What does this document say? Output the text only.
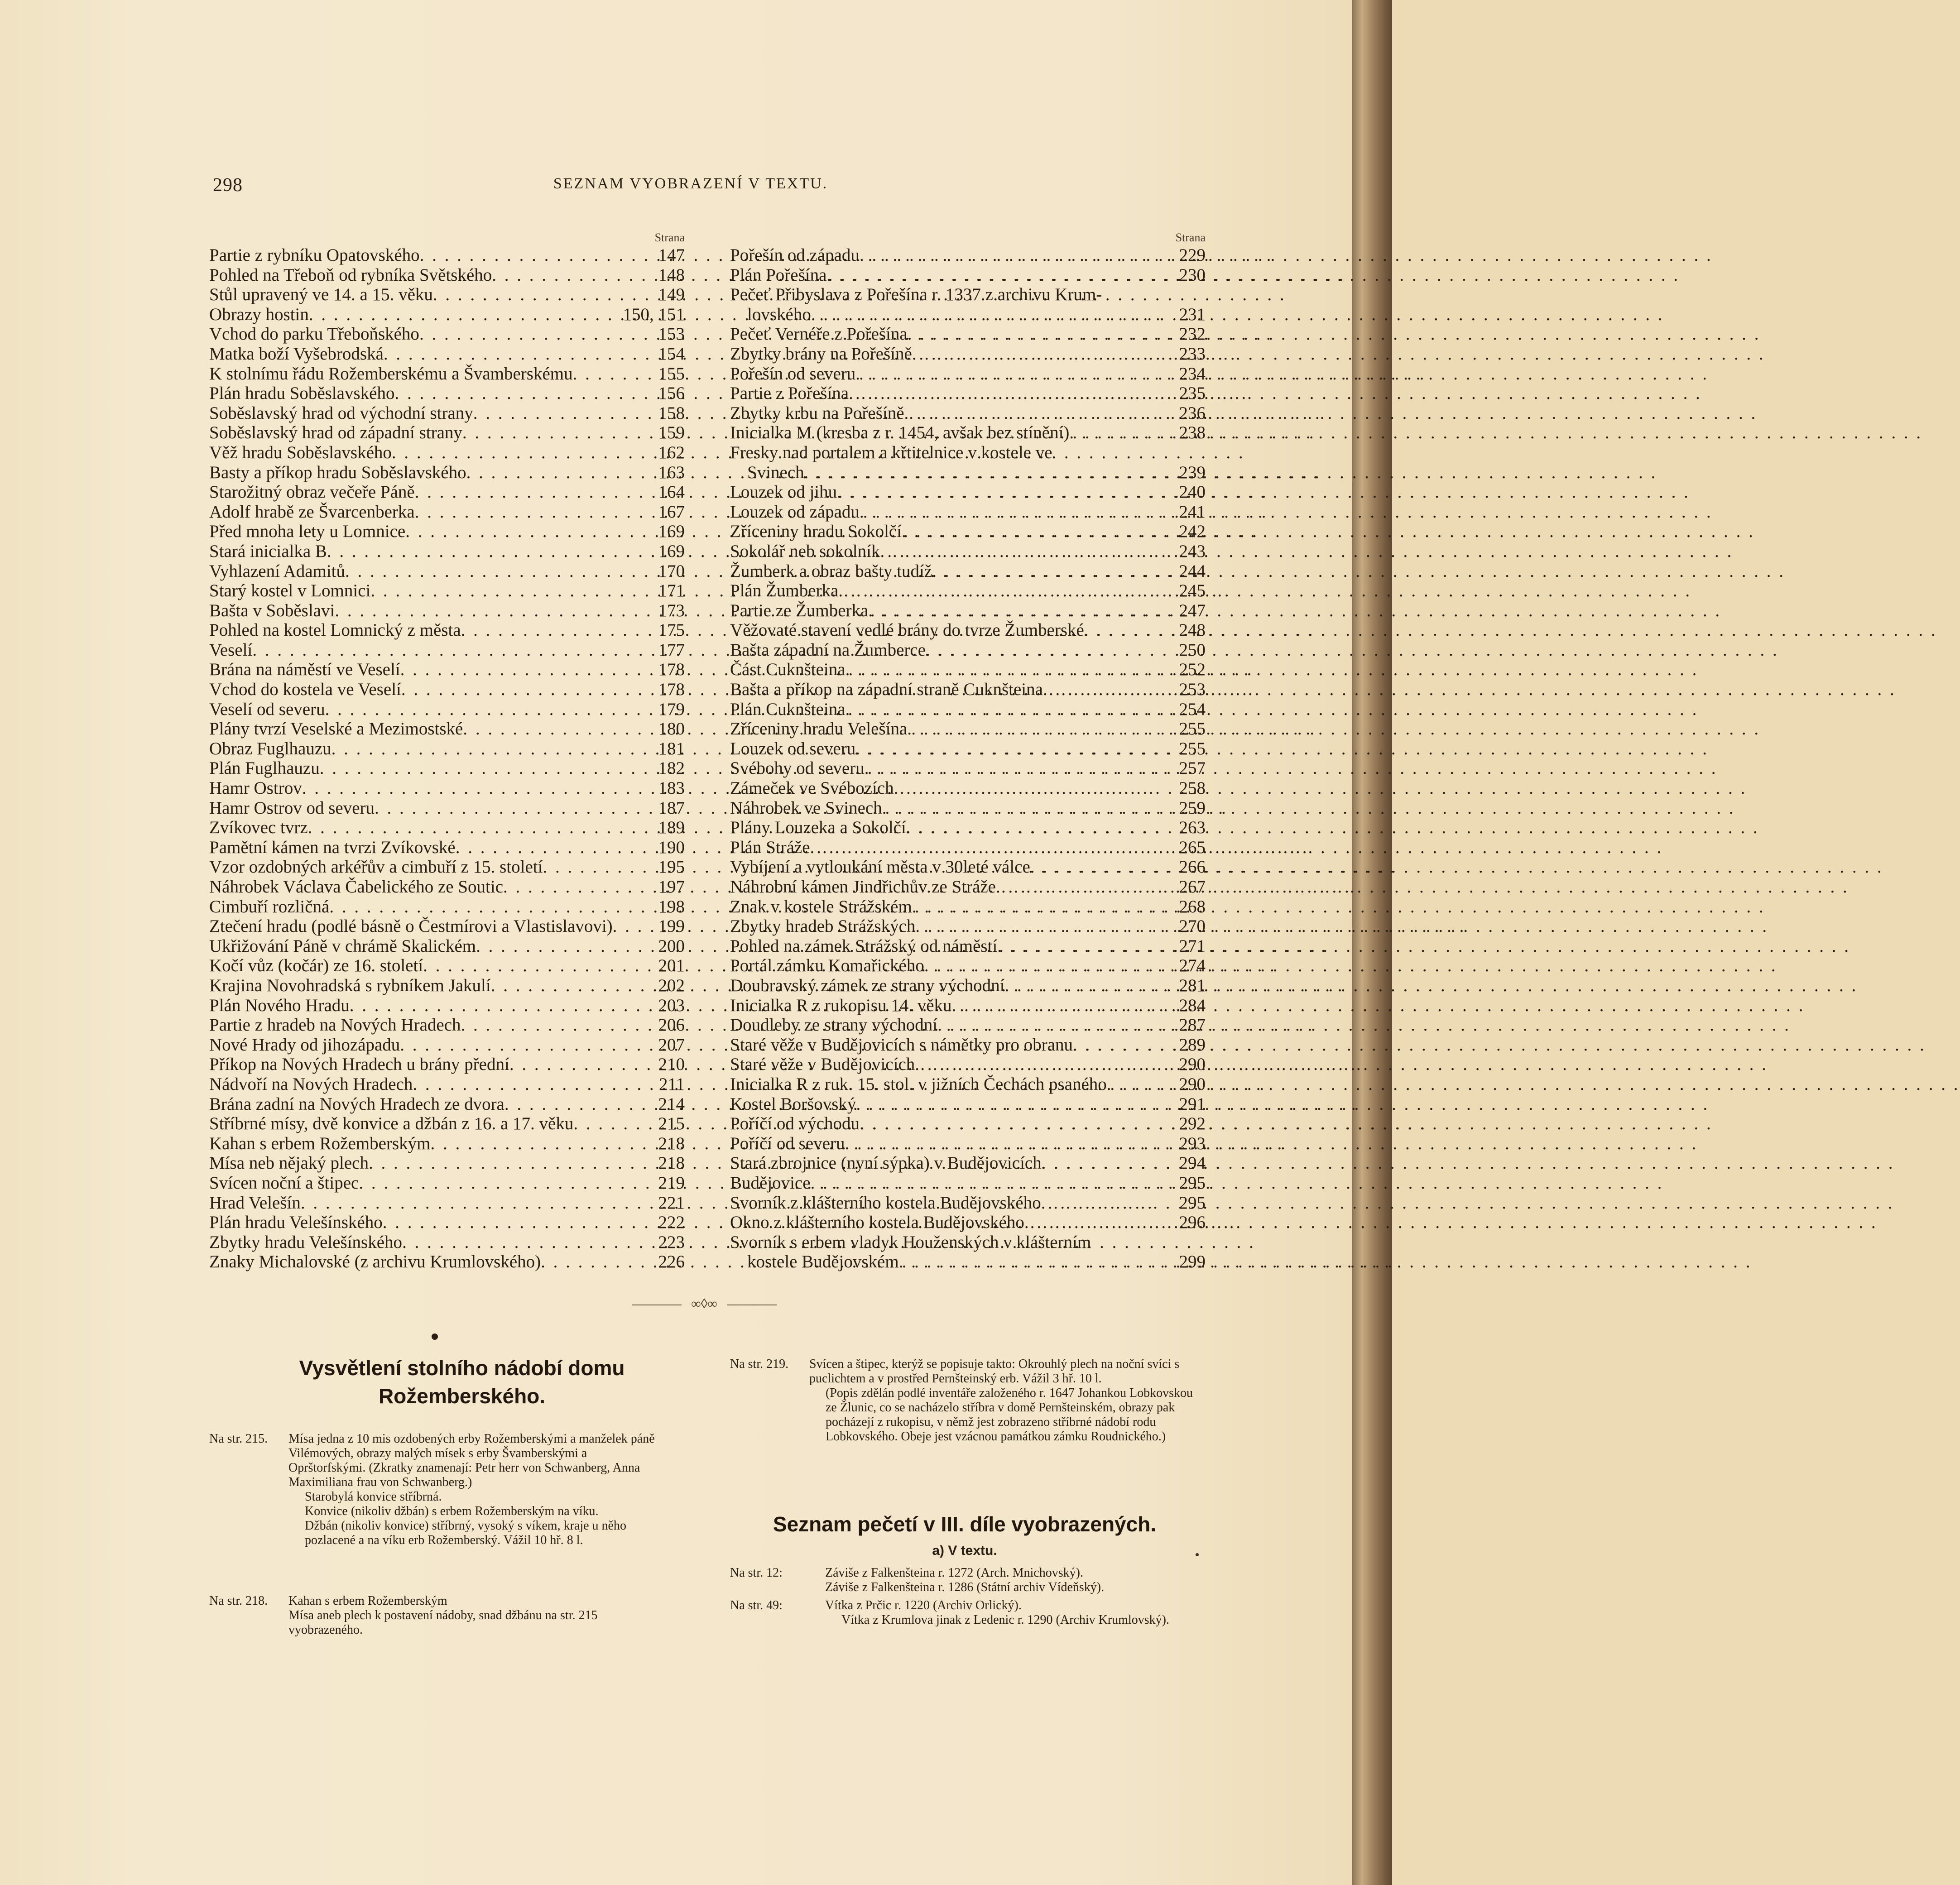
298	SEZNAM VYOBRAZENÍ V TEXTU.
Strana
Partie z rybníku Opatovského . . .	147
Pohled na Třeboň od rybníka Světského . . .	148
Stůl upravený ve 14. a 15. věku . . .	149
Obrazy hostin . . .	150, 151
Vchod do parku Třeboňského . . .	153
Matka boží Vyšebrodská . . .	154
K stolnímu řádu Rožemberskému a Švamberskému . . .	155
Plán hradu Soběslavského . . .	156
Soběslavský hrad od východní strany . . .	158
Soběslavský hrad od západní strany . . .	159
Věž hradu Soběslavského . . .	162
Basty a příkop hradu Soběslavského . . .	163
Starožitný obraz večeře Páně . . .	164
Adolf hrabě ze Švarcenberka . . .	167
Před mnoha lety u Lomnice . . .	169
Stará inicialka B . . .	169
Vyhlazení Adamitů . . .	170
Starý kostel v Lomnici . . .	171
Bašta v Soběslavi . . .	173
Pohled na kostel Lomnický z města . . .	175
Veselí . . .	177
Brána na náměstí ve Veselí . . .	178
Vchod do kostela ve Veselí . . .	178
Veselí od severu . . .	179
Plány tvrzí Veselské a Mezimostské . . .	180
Obraz Fuglhauzu . . .	181
Plán Fuglhauzu . . .	182
Hamr Ostrov . . .	183
Hamr Ostrov od severu . . .	187
Zvíkovec tvrz . . .	189
Pamětní kámen na tvrzi Zvíkovské . . .	190
Vzor ozdobných arkéřův a cimbuří z 15. století . . .	195
Náhrobek Václava Čabelického ze Soutic . . .	197
Cimbuří rozličná . . .	198
Ztečení hradu (podlé básně o Čestmírovi a Vlastislavovi) . . .	199
Ukřižování Páně v chrámě Skalickém . . .	200
Kočí vůz (kočár) ze 16. století . . .	201
Krajina Novohradská s rybníkem Jakulí . . .	202
Plán Nového Hradu . . .	203
Partie z hradeb na Nových Hradech . . .	206
Nové Hrady od jihozápadu . . .	207
Příkop na Nových Hradech u brány přední . . .	210
Nádvoří na Nových Hradech . . .	211
Brána zadní na Nových Hradech ze dvora . . .	214
Stříbrné mísy, dvě konvice a džbán z 16. a 17. věku . . .	215
Kahan s erbem Rožemberským . . .	218
Mísa neb nějaký plech . . .	218
Svícen noční a štipec . . .	219
Hrad Velešín . . .	221
Plán hradu Velešínského . . .	222
Zbytky hradu Velešínského . . .	223
Znaky Michalovské (z archivu Krumlovského) . . .	226
Strana
Pořešín od západu . . .	229
Plán Pořešína . . .	230
Pečeť Přibyslava z Pořešína r. 1337 z archivu Krum-
lovského . . .	231
Pečeť Vernéře z Pořešína . . .	232
Zbytky brány na Pořešíně . . .	233
Pořešín od severu . . .	234
Partie z Pořešína . . .	235
Zbytky krbu na Pořešíně . . .	236
Inicialka M (kresba z r. 1454, avšak bez stínění) . . .	238
Fresky nad portalem a křtitelnice v kostele ve
Svinech . . .	239
Louzek od jihu . . .	240
Louzek od západu . . .	241
Zříceniny hradu Sokolčí . . .	242
Sokolář neb sokolník . . .	243
Žumberk a obraz bašty tudíž . . .	244
Plán Žumberka . . .	245
Partie ze Žumberka . . .	247
Věžovaté stavení vedlé brány do tvrze Žumberské . . .	248
Bašta západní na Žumberce . . .	250
Část Cuknšteina . . .	252
Bašta a příkop na západní straně Cuknšteina . . .	253
Plán Cuknšteina . . .	254
Zříceniny hradu Velešína . . .	255
Louzek od severu . . .	255
Svébohy od severu . . .	257
Zámeček ve Svébozích . . .	258
Náhrobek ve Svinech . . .	259
Plány Louzeka a Sokolčí . . .	263
Plán Stráže . . .	265
Vybíjení a vytloukání města v 30leté válce . . .	266
Náhrobní kámen Jindřichův ze Stráže . . .	267
Znak v kostele Strážském . . .	268
Zbytky hradeb Strážských . . .	270
Pohled na zámek Strážský od náměstí . . .	271
Portál zámku Komařického . . .	274
Doubravský zámek ze strany východní . . .	281
Inicialka R z rukopisu 14. věku . . .	284
Doudleby ze strany východní . . .	287
Staré věže v Budějovicích s námětky pro obranu . . .	289
Staré věže v Budějovicích . . .	290
Inicialka R z ruk. 15. stol. v jižních Čechách psaného . . .	290
Kostel Boršovský . . .	291
Poříčí od východu . . .	292
Poříčí od severu . . .	293
Stará zbrojnice (nyní sýpka) v Budějovicích . . .	294
Budějovice . . .	295
Svorník z klášterního kostela Budějovského . . .	295
Okno z klášterního kostela Budějovského . . .	296
Svorník s erbem vladyk Houženských v klášterním
kostele Budějovském . . .	299
∞◊∞
Vysvětlení stolního nádobí domu Rožemberského.
Na str. 215.	Mísa jedna z 10 mis ozdobených erby Rožemberskými a manželek páně Vilémových, obrazy malých mísek s erby Švamberskými a Oprštorfskými. (Zkratky znamenají: Petr herr von Schwanberg, Anna Maximiliana frau von Schwanberg.)

Starobylá konvice stříbrná.

Konvice (nikoliv džbán) s erbem Rožemberským na víku.

Džbán (nikoliv konvice) stříbrný, vysoký s víkem, kraje u něho pozlacené a na víku erb Rožemberský. Vážil 10 hř. 8 l.

Na str. 218.	Kahan s erbem Rožemberským

Mísa aneb plech k postavení nádoby, snad džbánu na str. 215 vyobrazeného.

Na str. 219.	Svícen a štipec, kterýž se popisuje takto: Okrouhlý plech na noční svíci s puclichtem a v prostřed Pernšteinský erb. Vážil 3 hř. 10 l.

(Popis zdělán podlé inventáře založeného r. 1647 Johankou Lobkovskou ze Žlunic, co se nacházelo stříbra v domě Pernšteinském, obrazy pak pocházejí z rukopisu, v němž jest zobrazeno stříbrné nádobí rodu Lobkovského. Obeje jest vzácnou památkou zámku Roudnického.)

Seznam pečetí v III. díle vyobrazených.
a) V textu.
Na str. 12:	Záviše z Falkenšteina r. 1272 (Arch. Mnichovský).

Záviše z Falkenšteina r. 1286 (Státní archiv Vídeňský).

Na str. 49:	Vítka z Prčic r. 1220 (Archiv Orlický).

Vítka z Krumlova jinak z Ledenic r. 1290 (Archiv Krumlovský).
